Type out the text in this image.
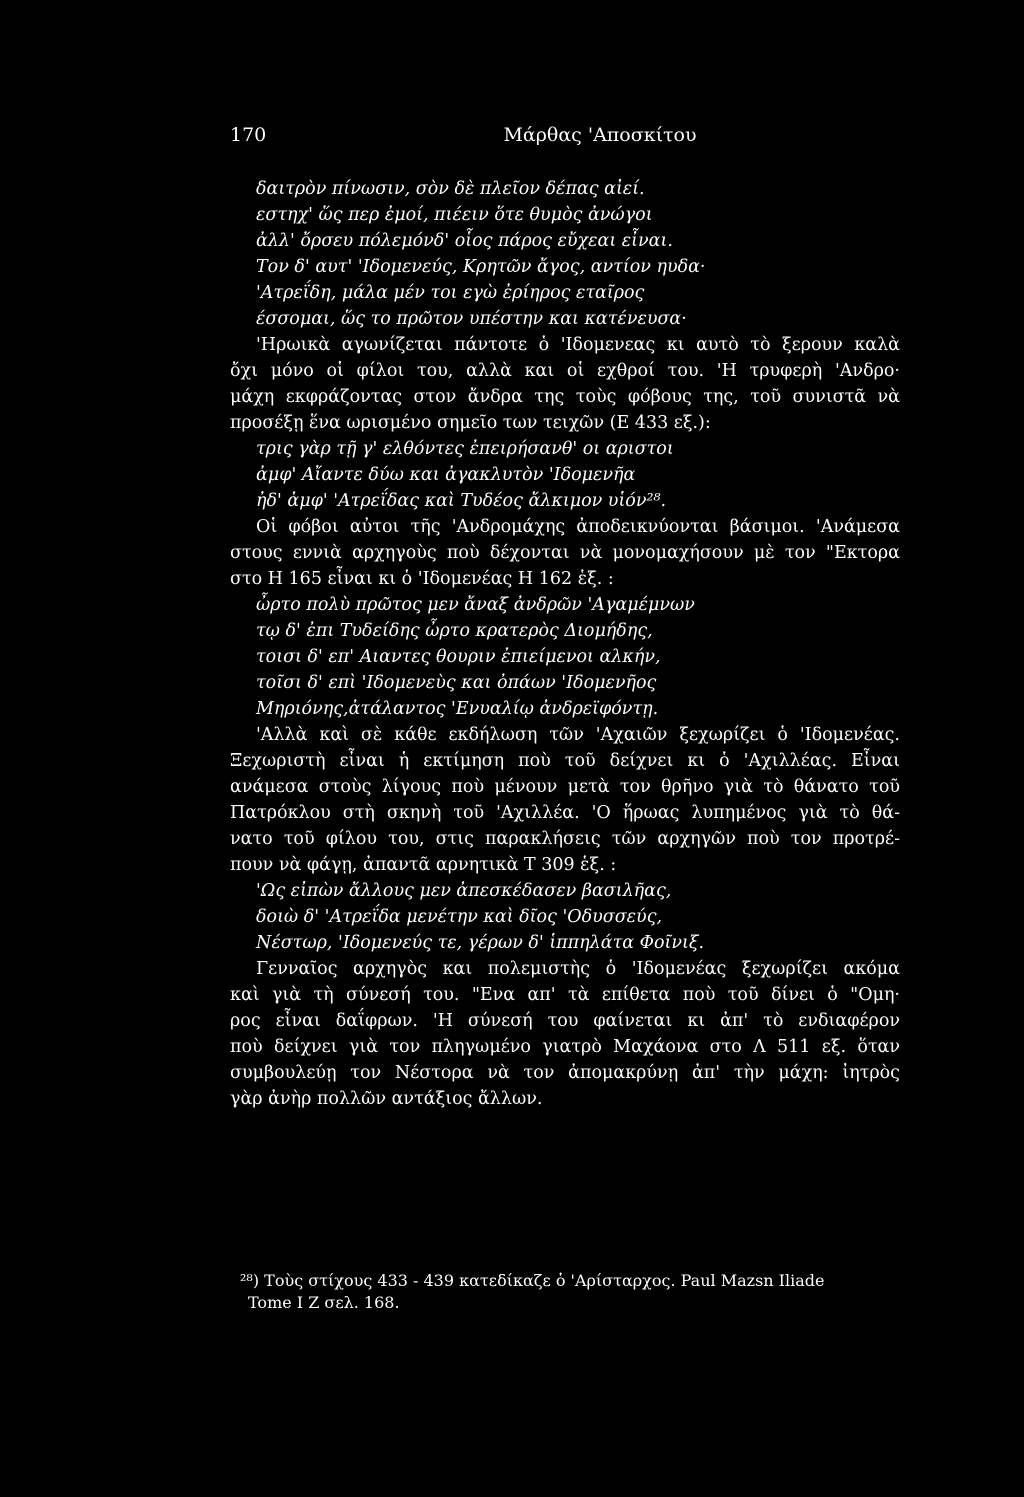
170	Μάρθας 'Αποσκίτου
δαιτρὸν πίνωσιν, σὸν δὲ πλεῖον δέπας αἰεί.
εστηχ' ὥς περ ἐμοί, πιέειν ὅτε θυμὸς ἀνώγοι
ἀλλ' ὄρσευ πόλεμόνδ' οἷος πάρος εὔχεαι εἶναι.
Τον δ' αυτ' 'Ιδομενεύς, Κρητῶν ἄγος, αντίον ηυδα·
'Ατρεΐδη, μάλα μέν τοι εγὼ ἐρίηρος εταῖρος
έσσομαι, ὥς το πρῶτον υπέστην και κατένευσα·
'Ηρωικὰ αγωνίζεται πάντοτε ὁ 'Ιδομενεας κι αυτὸ τὸ ξερουν καλὰ
ὄχι μόνο οἱ φίλοι του, αλλὰ και οἱ εχθροί του. 'Η τρυφερὴ 'Ανδρο·
μάχη εκφράζοντας στον ἄνδρα της τοὺς φόβους της, τοῦ συνιστᾶ νὰ
προσέξῃ ἕνα ωρισμένο σημεῖο των τειχῶν (Ε 433 εξ.):
τρις γὰρ τῇ γ' ελθόντες ἐπειρήσανθ' οι αριστοι
ἀμφ' Αἴαντε δύω και ἀγακλυτὸν 'Ιδομενῆα
ἠδ' ἀμφ' 'Ατρεΐδας καὶ Τυδέος ἄλκιμον υἱόν²⁸.
Οἱ φόβοι αὐτοι τῆς 'Ανδρομάχης ἀποδεικνύονται βάσιμοι. 'Ανάμεσα
στους εννιὰ αρχηγοὺς ποὺ δέχονται νὰ μονομαχήσουν μὲ τον "Εκτορα
στο Η 165 εἶναι κι ὁ 'Ιδομενέας Η 162 ἑξ. :
ὦρτο πολὺ πρῶτος μεν ἄναξ ἀνδρῶν 'Αγαμέμνων
τῳ δ' ἐπι Τυδείδης ὦρτο κρατερὸς Διομήδης,
τοισι δ' επ' Αιαντες θουριν ἐπιείμενοι αλκήν,
τοῖσι δ' επὶ 'Ιδομενεὺς και ὀπάων 'Ιδομενῆος
Μηριόνης,ἀτάλαντος 'Ενυαλίῳ ἀνδρεϊφόντῃ.
'Αλλὰ καὶ σὲ κάθε εκδήλωση τῶν 'Αχαιῶν ξεχωρίζει ὁ 'Ιδομενέας.
Ξεχωριστὴ εἶναι ἡ εκτίμηση ποὺ τοῦ δείχνει κι ὁ 'Αχιλλέας. Εἶναι
ανάμεσα στοὺς λίγους ποὺ μένουν μετὰ τον θρῆνο γιὰ τὸ θάνατο τοῦ
Πατρόκλου στὴ σκηνὴ τοῦ 'Αχιλλέα. 'Ο ἥρωας λυπημένος γιὰ τὸ θά-
νατο τοῦ φίλου του, στις παρακλήσεις τῶν αρχηγῶν ποὺ τον προτρέ-
πουν νὰ φάγῃ, ἀπαντᾶ αρνητικὰ Τ 309 ἑξ. :
'Ως εἰπὼν ἄλλους μεν ἀπεσκέδασεν βασιλῆας,
δοιὼ δ' 'Ατρεΐδα μενέτην καὶ δῖος 'Οδυσσεύς,
Νέστωρ, 'Ιδομενεύς τε, γέρων δ' ἱππηλάτα Φοῖνιξ.
Γενναῖος αρχηγὸς και πολεμιστὴς ὁ 'Ιδομενέας ξεχωρίζει ακόμα
καὶ γιὰ τὴ σύνεσή του. "Ενα απ' τὰ επίθετα ποὺ τοῦ δίνει ὁ "Ομη·
ρος εἶναι δαΐφρων. 'Η σύνεσή του φαίνεται κι ἀπ' τὸ ενδιαφέρον
ποὺ δείχνει γιὰ τον πληγωμένο γιατρὸ Μαχάονα στο Λ 511 εξ. ὅταν
συμβουλεύῃ τον Νέστορα νὰ τον ἀπομακρύνῃ ἀπ' τὴν μάχη: ἰητρὸς
γὰρ ἀνὴρ πολλῶν αντάξιος ἄλλων.
²⁸) Τοὺς στίχους 433 - 439 κατεδίκαζε ὁ 'Αρίσταρχος. Paul Mazsn Iliade
Tome I Z σελ. 168.
